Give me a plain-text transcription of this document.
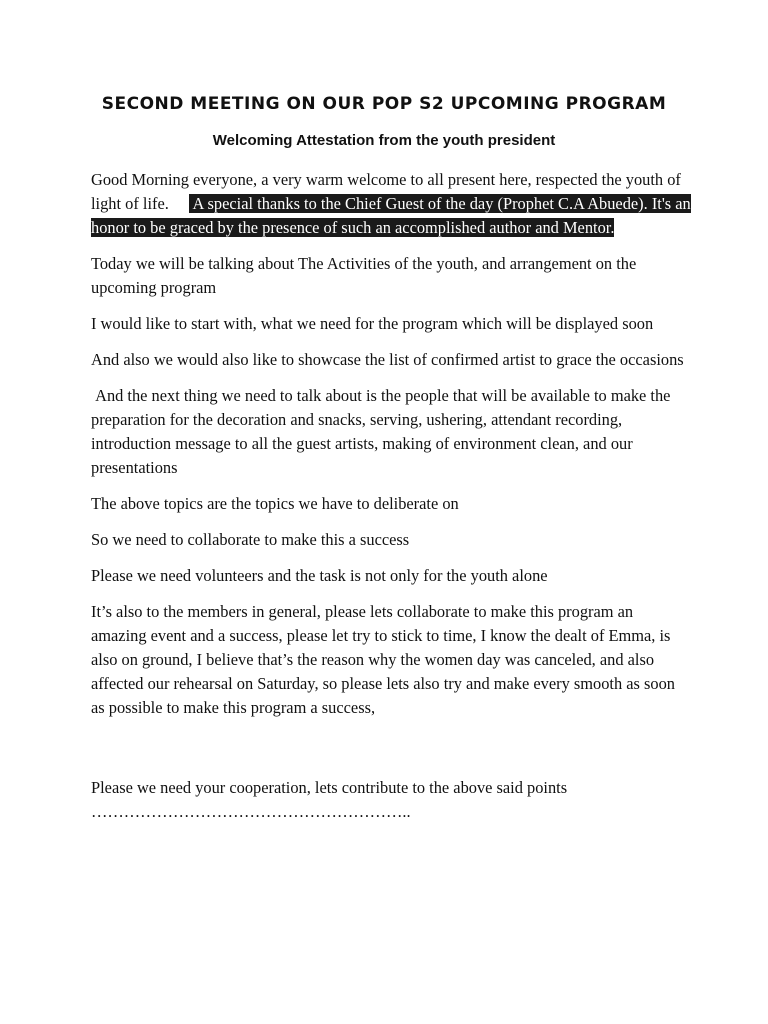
SECOND MEETING ON OUR POP S2 UPCOMING PROGRAM
Welcoming Attestation from the youth president

Good Morning everyone, a very warm welcome to all present here, respected the youth of light of life.      A special thanks to the Chief Guest of the day (Prophet C.A Abuede). It's an honor to be graced by the presence of such an accomplished author and Mentor.

Today we will be talking about The Activities of the youth, and arrangement on the upcoming program

I would like to start with, what we need for the program which will be displayed soon

And also we would also like to showcase the list of confirmed artist to grace the occasions

And the next thing we need to talk about is the people that will be available to make the preparation for the decoration and snacks, serving, ushering, attendant recording, introduction message to all the guest artists, making of environment clean, and our presentations

The above topics are the topics we have to deliberate on

So we need to collaborate to make this a success

Please we need volunteers and the task is not only for the youth alone

It’s also to the members in general, please lets collaborate to make this program an amazing event and a success, please let try to stick to time, I know the dealt of Emma, is also on ground, I believe that’s the reason why the women day was canceled, and also affected our rehearsal on Saturday, so please lets also try and make every smooth as soon as possible to make this program a success,

Please we need your cooperation, lets contribute to the above said points
…………………………………………………..
